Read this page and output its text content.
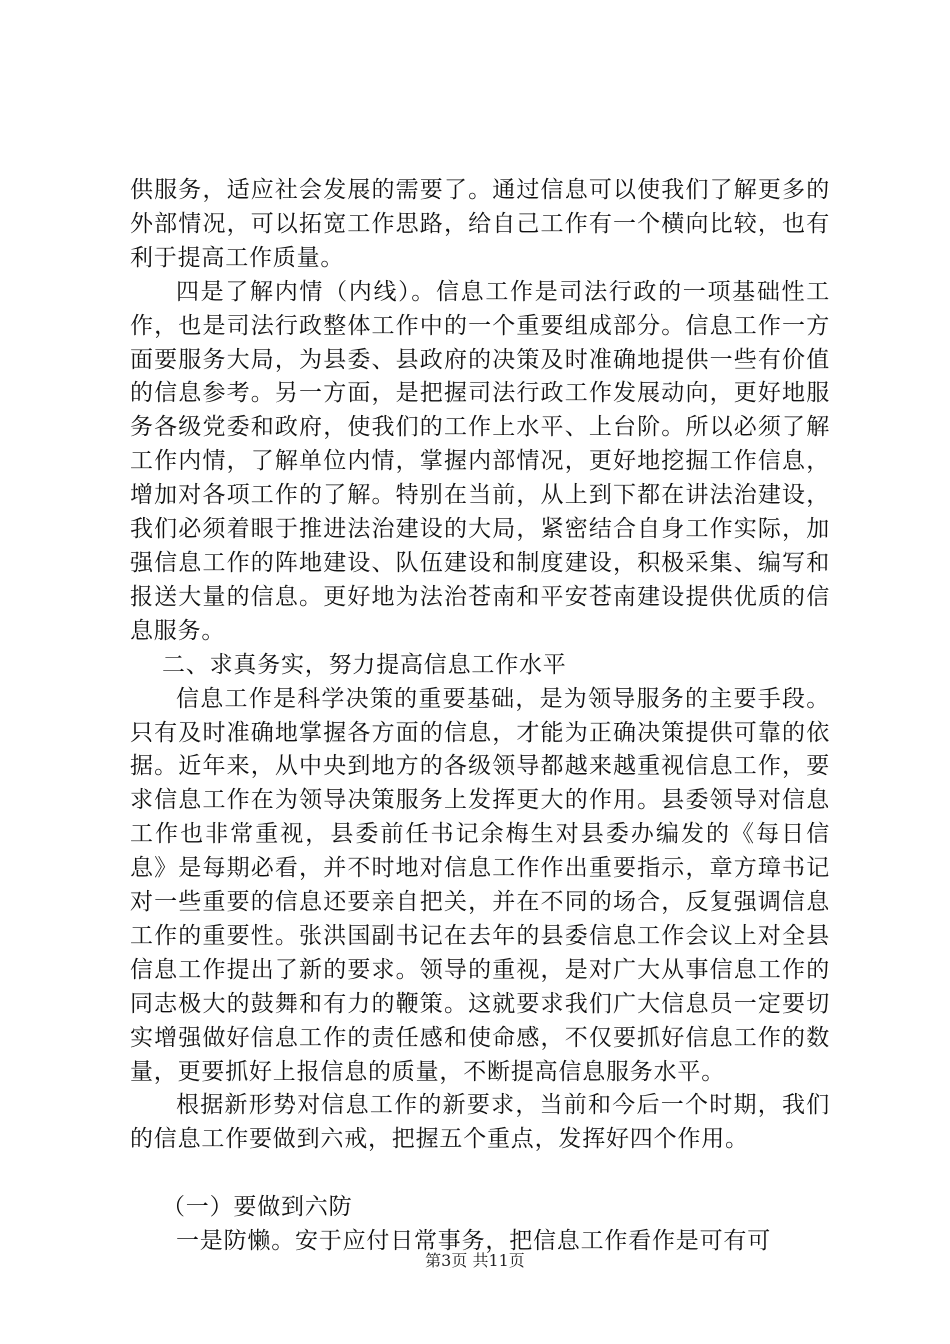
供服务，适应社会发展的需要了。通过信息可以使我们了解更多的外部情况，可以拓宽工作思路，给自己工作有一个横向比较，也有利于提高工作质量。

四是了解内情（内线）。信息工作是司法行政的一项基础性工作，也是司法行政整体工作中的一个重要组成部分。信息工作一方面要服务大局，为县委、县政府的决策及时准确地提供一些有价值的信息参考。另一方面，是把握司法行政工作发展动向，更好地服务各级党委和政府，使我们的工作上水平、上台阶。所以必须了解工作内情，了解单位内情，掌握内部情况，更好地挖掘工作信息，增加对各项工作的了解。特别在当前，从上到下都在讲法治建设，我们必须着眼于推进法治建设的大局，紧密结合自身工作实际，加强信息工作的阵地建设、队伍建设和制度建设，积极采集、编写和报送大量的信息。更好地为法治苍南和平安苍南建设提供优质的信息服务。

二、求真务实，努力提高信息工作水平

信息工作是科学决策的重要基础，是为领导服务的主要手段。只有及时准确地掌握各方面的信息，才能为正确决策提供可靠的依据。近年来，从中央到地方的各级领导都越来越重视信息工作，要求信息工作在为领导决策服务上发挥更大的作用。县委领导对信息工作也非常重视，县委前任书记余梅生对县委办编发的《每日信息》是每期必看，并不时地对信息工作作出重要指示，章方璋书记对一些重要的信息还要亲自把关，并在不同的场合，反复强调信息工作的重要性。张洪国副书记在去年的县委信息工作会议上对全县信息工作提出了新的要求。领导的重视，是对广大从事信息工作的同志极大的鼓舞和有力的鞭策。这就要求我们广大信息员一定要切实增强做好信息工作的责任感和使命感，不仅要抓好信息工作的数量，更要抓好上报信息的质量，不断提高信息服务水平。

根据新形势对信息工作的新要求，当前和今后一个时期，我们的信息工作要做到六戒，把握五个重点，发挥好四个作用。

（一）要做到六防

一是防懒。安于应付日常事务，把信息工作看作是可有可

第3页 共11页
